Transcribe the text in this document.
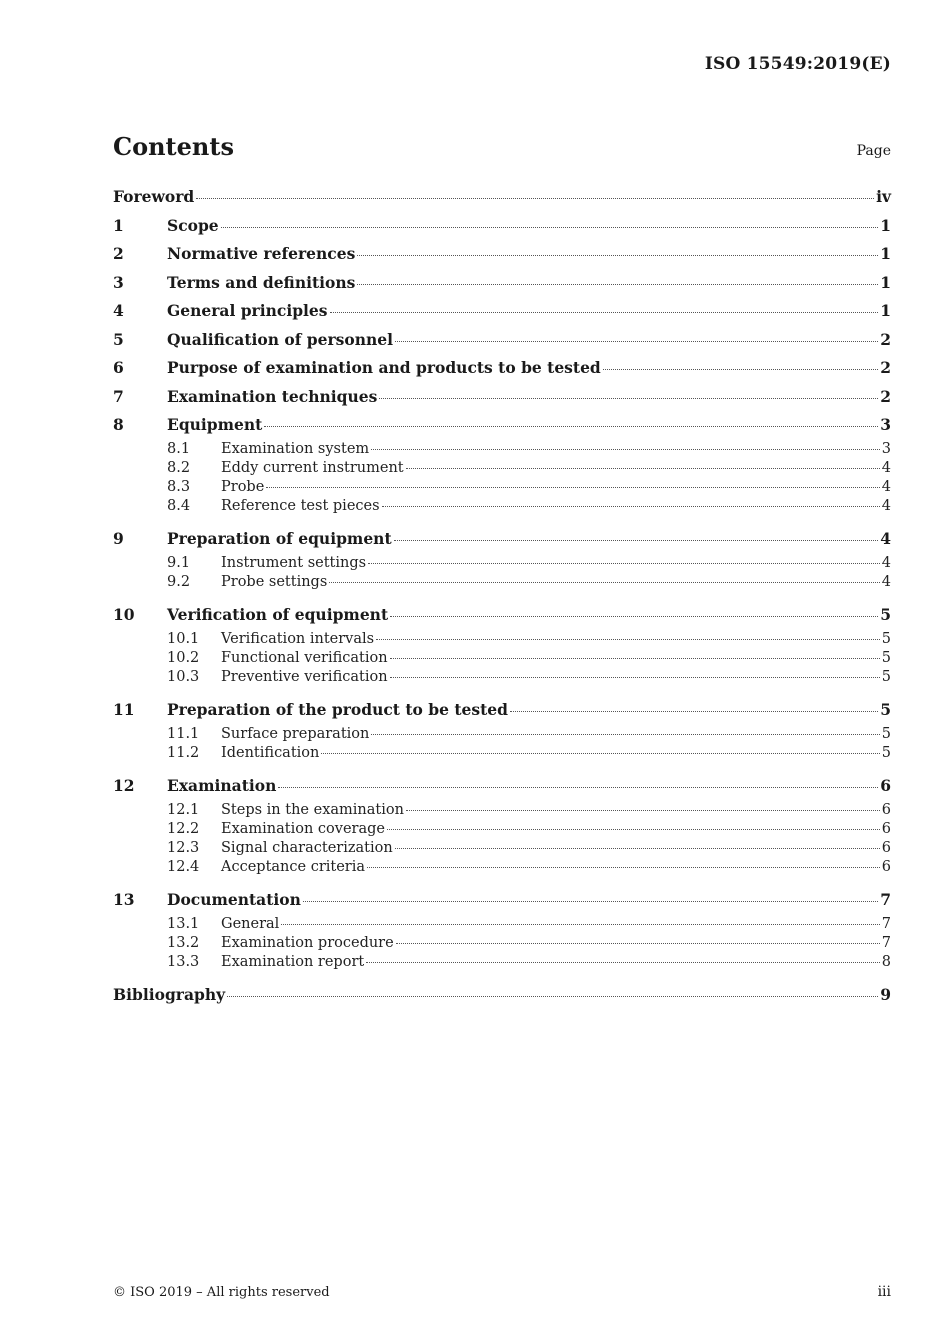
ISO 15549:2019(E)
Contents	Page
Foreword	iv
1	Scope	1
2	Normative references	1
3	Terms and definitions	1
4	General principles	1
5	Qualification of personnel	2
6	Purpose of examination and products to be tested	2
7	Examination techniques	2
8	Equipment	3
8.1	Examination system	3
8.2	Eddy current instrument	4
8.3	Probe	4
8.4	Reference test pieces	4
9	Preparation of equipment	4
9.1	Instrument settings	4
9.2	Probe settings	4
10	Verification of equipment	5
10.1	Verification intervals	5
10.2	Functional verification	5
10.3	Preventive verification	5
11	Preparation of the product to be tested	5
11.1	Surface preparation	5
11.2	Identification	5
12	Examination	6
12.1	Steps in the examination	6
12.2	Examination coverage	6
12.3	Signal characterization	6
12.4	Acceptance criteria	6
13	Documentation	7
13.1	General	7
13.2	Examination procedure	7
13.3	Examination report	8
Bibliography	9
© ISO 2019 – All rights reserved	iii
